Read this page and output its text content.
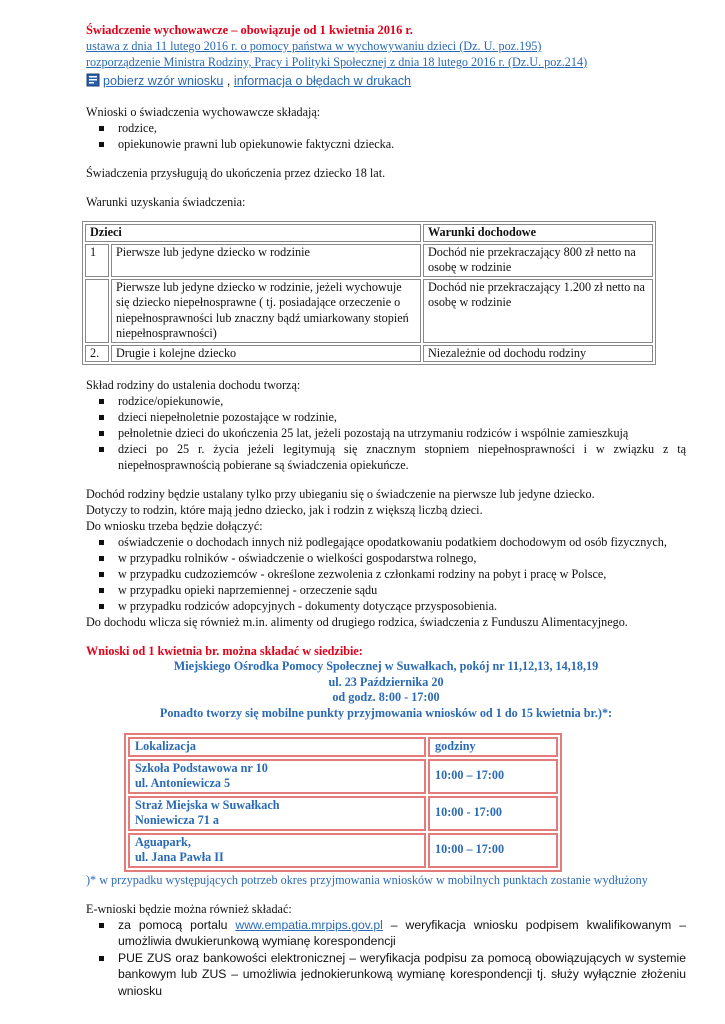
Świadczenie wychowawcze – obowiązuje od 1 kwietnia 2016 r.
ustawa z dnia 11 lutego 2016 r. o pomocy państwa w wychowywaniu dzieci (Dz. U. poz.195)
rozporządzenie Ministra Rodziny, Pracy i Polityki Społecznej z dnia 18 lutego 2016 r. (Dz.U. poz.214)
pobierz wzór wniosku , informacja o błędach w drukach

Wnioski o świadczenia wychowawcze składają:

rodzice,
opiekunowie prawni lub opiekunowie faktyczni dziecka.

Świadczenia przysługują do ukończenia przez dziecko 18 lat.

Warunki uzyskania świadczenia:

Dzieci		Warunki dochodowe
1	Pierwsze lub jedyne dziecko w rodzinie	Dochód nie przekraczający 800 zł netto na osobę w rodzinie
	Pierwsze lub jedyne dziecko w rodzinie, jeżeli wychowuje się dziecko niepełnosprawne ( tj. posiadające orzeczenie o niepełnosprawności lub znaczny bądź umiarkowany stopień niepełnosprawności)	Dochód nie przekraczający 1.200 zł netto na osobę w rodzinie
2.	Drugie i kolejne dziecko	Niezależnie od dochodu rodziny

Skład rodziny do ustalenia dochodu tworzą:

rodzice/opiekunowie,
dzieci niepełnoletnie pozostające w rodzinie,
pełnoletnie dzieci do ukończenia 25 lat, jeżeli pozostają na utrzymaniu rodziców i wspólnie zamieszkują
dzieci po 25 r. życia jeżeli legitymują się znacznym stopniem niepełnosprawności i w związku z tą niepełnosprawnością pobierane są świadczenia opiekuńcze.

Dochód rodziny będzie ustalany tylko przy ubieganiu się o świadczenie na pierwsze lub jedyne dziecko.

Dotyczy to rodzin, które mają jedno dziecko, jak i rodzin z większą liczbą dzieci.

Do wniosku trzeba będzie dołączyć:

oświadczenie o dochodach innych niż podlegające opodatkowaniu podatkiem dochodowym od osób fizycznych,
w przypadku rolników - oświadczenie o wielkości gospodarstwa rolnego,
w przypadku cudzoziemców - określone zezwolenia z członkami rodziny na pobyt i pracę w Polsce,
w przypadku opieki naprzemiennej - orzeczenie sądu
w przypadku rodziców adopcyjnych - dokumenty dotyczące przysposobienia.

Do dochodu wlicza się również m.in. alimenty od drugiego rodzica, świadczenia z Funduszu Alimentacyjnego.

Wnioski od 1 kwietnia br. można składać w siedzibie:

Miejskiego Ośrodka Pomocy Społecznej w Suwałkach, pokój nr 11,12,13, 14,18,19
ul. 23 Października 20
od godz. 8:00 - 17:00
Ponadto tworzy się mobilne punkty przyjmowania wniosków od 1 do 15 kwietnia br.)*:
Lokalizacja	godziny
Szkoła Podstawowa nr 10
ul. Antoniewicza 5	10:00 – 17:00
Straż Miejska w Suwałkach
Noniewicza 71 a	10:00 - 17:00
Aguapark,
ul. Jana Pawła II	10:00 – 17:00

)* w przypadku występujących potrzeb okres przyjmowania wniosków w mobilnych punktach zostanie wydłużony

E-wnioski będzie można również składać:

za pomocą portalu www.empatia.mrpips.gov.pl – weryfikacja wniosku podpisem kwalifikowanym – umożliwia dwukierunkową wymianę korespondencji
PUE ZUS oraz bankowości elektronicznej – weryfikacja podpisu za pomocą obowiązujących w systemie bankowym lub ZUS – umożliwia jednokierunkową wymianę korespondencji tj. służy wyłącznie złożeniu wniosku
